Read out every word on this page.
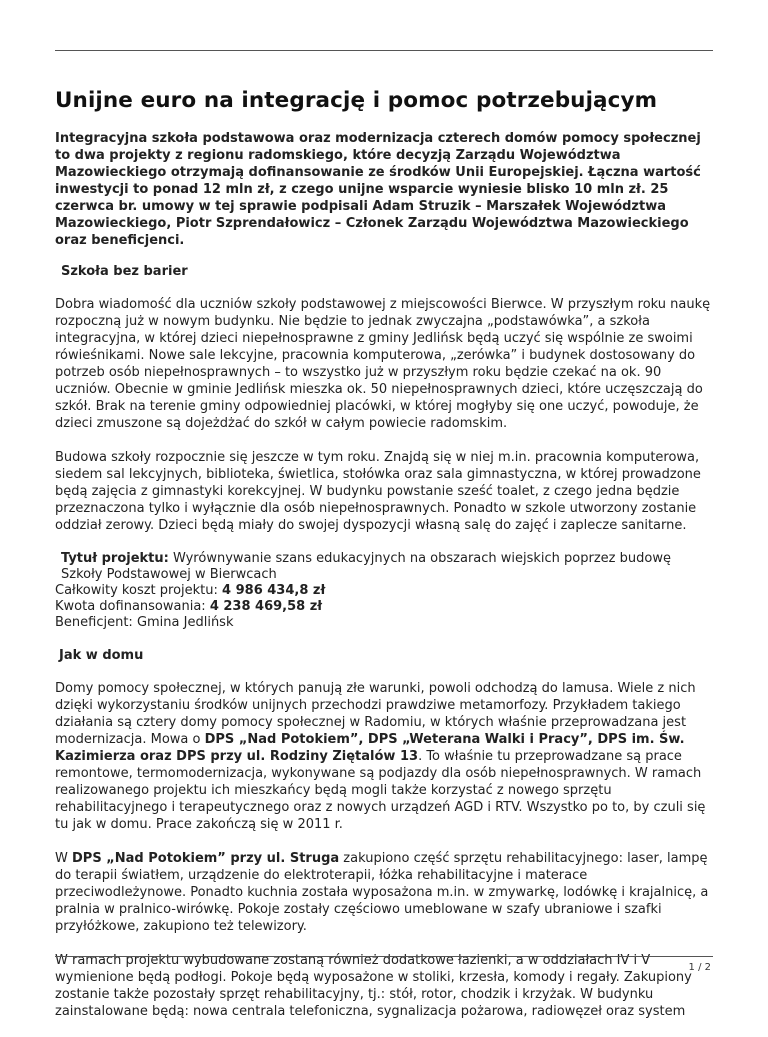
Unijne euro na integrację i pomoc potrzebującym

Integracyjna szkoła podstawowa oraz modernizacja czterech domów pomocy społecznej to dwa projekty z regionu radomskiego, które decyzją Zarządu Województwa Mazowieckiego otrzymają dofinansowanie ze środków Unii Europejskiej. Łączna wartość inwestycji to ponad 12 mln zł, z czego unijne wsparcie wyniesie blisko 10 mln zł. 25 czerwca br. umowy w tej sprawie podpisali Adam Struzik – Marszałek Województwa Mazowieckiego, Piotr Szprendałowicz – Członek Zarządu Województwa Mazowieckiego oraz beneficjenci.

Szkoła bez barier

Dobra wiadomość dla uczniów szkoły podstawowej z miejscowości Bierwce. W przyszłym roku naukę rozpoczną już w nowym budynku. Nie będzie to jednak zwyczajna „podstawówka”, a szkoła integracyjna, w której dzieci niepełnosprawne z gminy Jedlińsk będą uczyć się wspólnie ze swoimi rówieśnikami. Nowe sale lekcyjne, pracownia komputerowa, „zerówka” i budynek dostosowany do potrzeb osób niepełnosprawnych – to wszystko już w przyszłym roku będzie czekać na ok. 90 uczniów. Obecnie w gminie Jedlińsk mieszka ok. 50 niepełnosprawnych dzieci, które uczęszczają do szkół. Brak na terenie gminy odpowiedniej placówki, w której mogłyby się one uczyć, powoduje, że dzieci zmuszone są dojeżdżać do szkół w całym powiecie radomskim.

Budowa szkoły rozpocznie się jeszcze w tym roku. Znajdą się w niej m.in. pracownia komputerowa, siedem sal lekcyjnych, biblioteka, świetlica, stołówka oraz sala gimnastyczna, w której prowadzone będą zajęcia z gimnastyki korekcyjnej. W budynku powstanie sześć toalet, z czego jedna będzie przeznaczona tylko i wyłącznie dla osób niepełnosprawnych. Ponadto w szkole utworzony zostanie oddział zerowy. Dzieci będą miały do swojej dyspozycji własną salę do zajęć i zaplecze sanitarne.

Tytuł projektu: Wyrównywanie szans edukacyjnych na obszarach wiejskich poprzez budowę Szkoły Podstawowej w Bierwcach
Całkowity koszt projektu: 4 986 434,8 zł
Kwota dofinansowania: 4 238 469,58 zł
Beneficjent: Gmina Jedlińsk
Jak w domu

Domy pomocy społecznej, w których panują złe warunki, powoli odchodzą do lamusa. Wiele z nich dzięki wykorzystaniu środków unijnych przechodzi prawdziwe metamorfozy. Przykładem takiego działania są cztery domy pomocy społecznej w Radomiu, w których właśnie przeprowadzana jest modernizacja. Mowa o DPS „Nad Potokiem”, DPS „Weterana Walki i Pracy”, DPS im. Św. Kazimierza oraz DPS przy ul. Rodziny Ziętalów 13. To właśnie tu przeprowadzane są prace remontowe, termomodernizacja, wykonywane są podjazdy dla osób niepełnosprawnych. W ramach realizowanego projektu ich mieszkańcy będą mogli także korzystać z nowego sprzętu rehabilitacyjnego i terapeutycznego oraz z nowych urządzeń AGD i RTV. Wszystko po to, by czuli się tu jak w domu. Prace zakończą się w 2011 r.

W DPS „Nad Potokiem” przy ul. Struga zakupiono część sprzętu rehabilitacyjnego: laser, lampę do terapii światłem, urządzenie do elektroterapii, łóżka rehabilitacyjne i materace przeciwodleżynowe. Ponadto kuchnia została wyposażona m.in. w zmywarkę, lodówkę i krajalnicę, a pralnia w pralnico-wirówkę. Pokoje zostały częściowo umeblowane w szafy ubraniowe i szafki przyłóżkowe, zakupiono też telewizory.

W ramach projektu wybudowane zostaną również dodatkowe łazienki, a w oddziałach IV i V wymienione będą podłogi. Pokoje będą wyposażone w stoliki, krzesła, komody i regały. Zakupiony zostanie także pozostały sprzęt rehabilitacyjny, tj.: stół, rotor, chodzik i krzyżak. W budynku zainstalowane będą: nowa centrala telefoniczna, sygnalizacja pożarowa, radiowęzeł oraz system

1 / 2
